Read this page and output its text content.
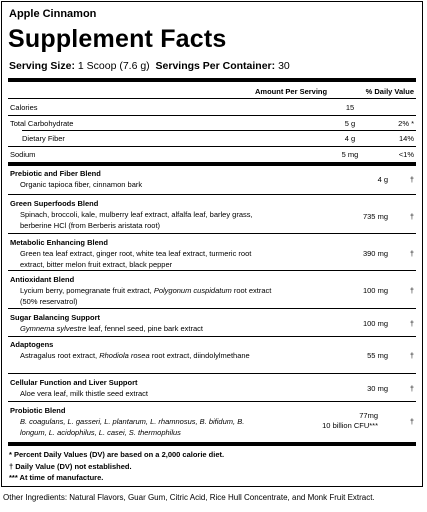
Apple Cinnamon
Supplement Facts
Serving Size: 1 Scoop (7.6 g) Servings Per Container: 30
Amount Per Serving	% Daily Value
Calories	15
Total Carbohydrate	5 g	2% *
Dietary Fiber	4 g	14%
Sodium	5 mg	<1%
Prebiotic and Fiber Blend
Organic tapioca fiber, cinnamon bark
4 g	†
Green Superfoods Blend
Spinach, broccoli, kale, mulberry leaf extract, alfalfa leaf, barley grass, berberine HCl (from Berberis aristata root)
735 mg	†
Metabolic Enhancing Blend
Green tea leaf extract, ginger root, white tea leaf extract, turmeric root extract, bitter melon fruit extract, black pepper
390 mg	†
Antioxidant Blend
Lycium berry, pomegranate fruit extract, Polygonum cuspidatum root extract (50% reservatrol)
100 mg	†
Sugar Balancing Support
Gymnema sylvestre leaf, fennel seed, pine bark extract
100 mg	†
Adaptogens
Astragalus root extract, Rhodiola rosea root extract, diindolylmethane	55 mg	†
Cellular Function and Liver Support
Aloe vera leaf, milk thistle seed extract
30 mg	†
Probiotic Blend
B. coagulans, L. gasseri, L. plantarum, L. rhamnosus, B. bifidum, B. longum, L. acidophilus, L. casei, S. thermophilus
77mg
10 billion CFU***	†
* Percent Daily Values (DV) are based on a 2,000 calorie diet.
† Daily Value (DV) not established.
*** At time of manufacture.
Other Ingredients: Natural Flavors, Guar Gum, Citric Acid, Rice Hull Concentrate, and Monk Fruit Extract.
